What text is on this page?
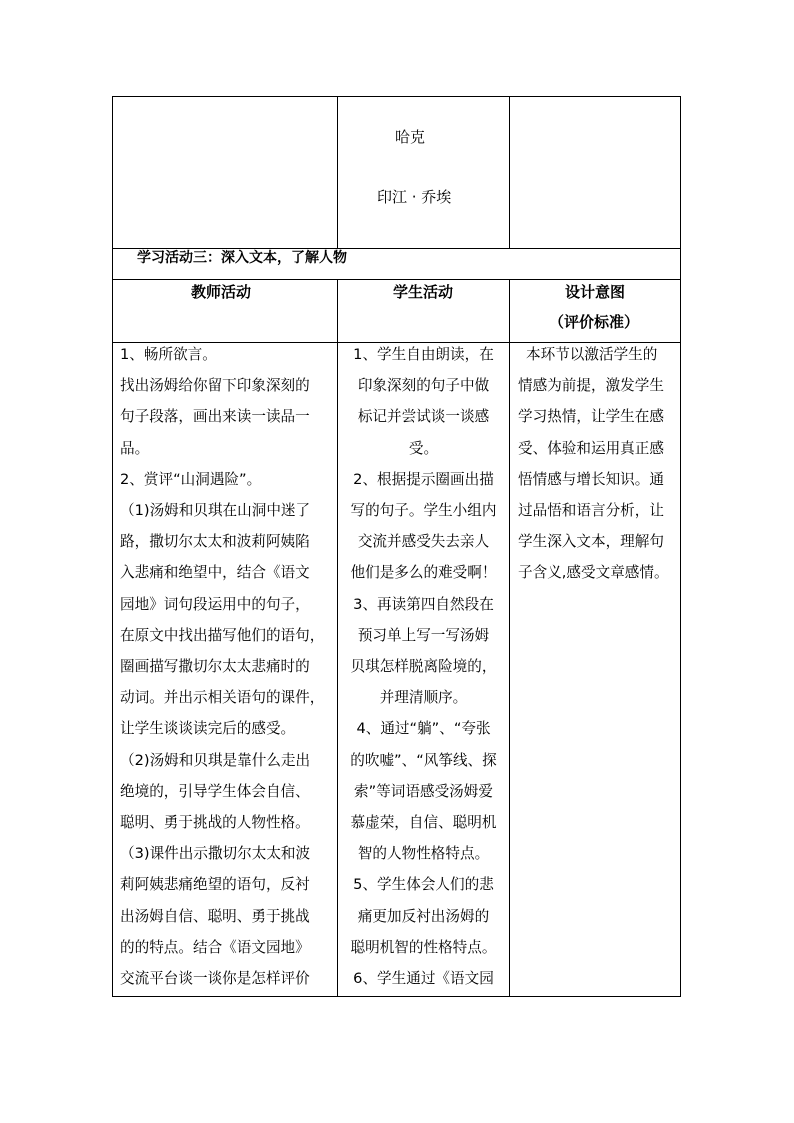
哈克
印江 · 乔埃
学习活动三：深入文本，了解人物
教师活动	学生活动	设计意图
（评价标准）
1、畅所欲言。
找出汤姆给你留下印象深刻的
句子段落，画出来读一读品一
品。
2、赏评“山洞遇险”。
（1)汤姆和贝琪在山洞中迷了
路，撒切尔太太和波莉阿姨陷
入悲痛和绝望中，结合《语文
园地》词句段运用中的句子，
在原文中找出描写他们的语句，
圈画描写撒切尔太太悲痛时的
动词。并出示相关语句的课件，
让学生谈谈读完后的感受。
（2)汤姆和贝琪是靠什么走出
绝境的，引导学生体会自信、
聪明、勇于挑战的人物性格。
（3)课件出示撒切尔太太和波
莉阿姨悲痛绝望的语句，反衬
出汤姆自信、聪明、勇于挑战
的的特点。结合《语文园地》
交流平台谈一谈你是怎样评价
1、学生自由朗读，在
印象深刻的句子中做
标记并尝试谈一谈感
受。
2、根据提示圈画出描
写的句子。学生小组内
交流并感受失去亲人
他们是多么的难受啊！
3、再读第四自然段在
预习单上写一写汤姆
贝琪怎样脱离险境的，
并理清顺序。
4、通过“躺”、“夸张
的吹嘘”、“风筝线、探
索”等词语感受汤姆爱
慕虚荣，自信、聪明机
智的人物性格特点。
5、学生体会人们的悲
痛更加反衬出汤姆的
聪明机智的性格特点。
6、学生通过《语文园
本环节以激活学生的
情感为前提，激发学生
学习热情，让学生在感
受、体验和运用真正感
悟情感与增长知识。通
过品悟和语言分析，让
学生深入文本，理解句
子含义,感受文章感情。
